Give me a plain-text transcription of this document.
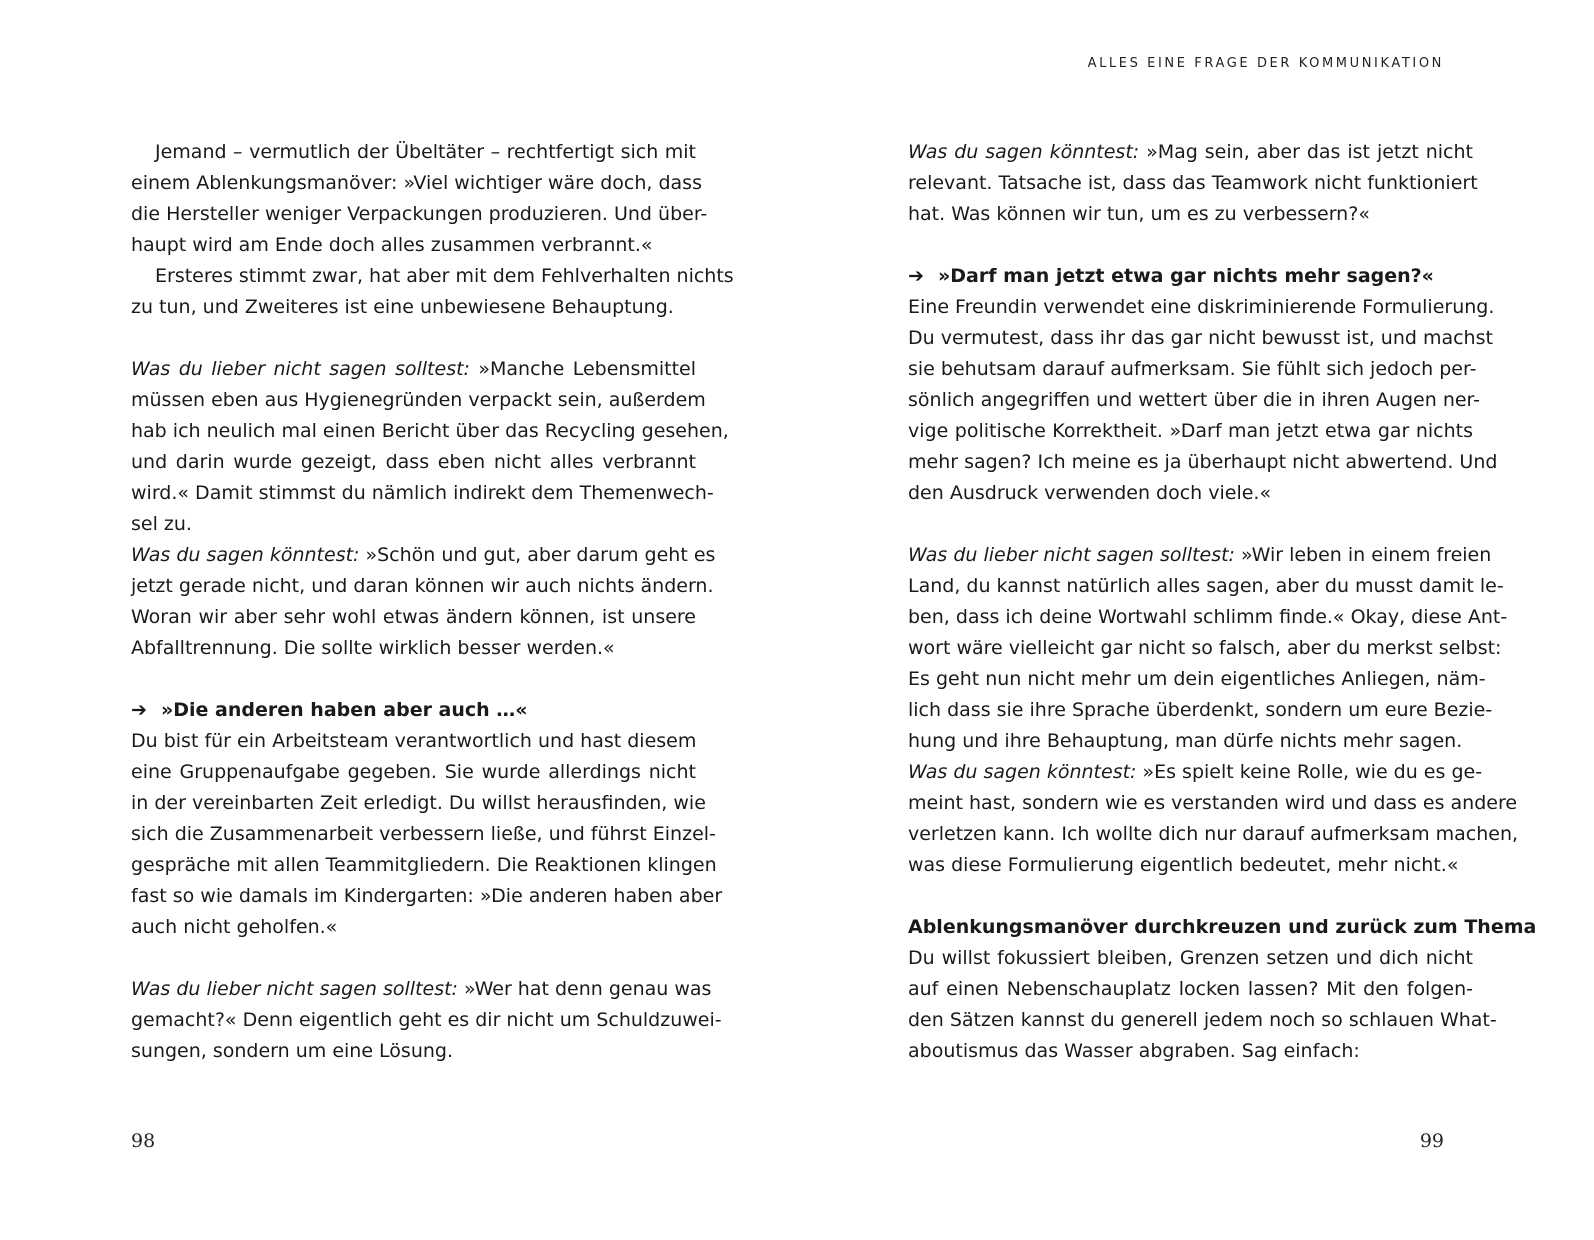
Jemand – vermutlich der Übeltäter – rechtfertigt sich mit
einem Ablenkungsmanöver: »Viel wichtiger wäre doch, dass
die Hersteller weniger Verpackungen produzieren. Und über-
haupt wird am Ende doch alles zusammen verbrannt.«
Ersteres stimmt zwar, hat aber mit dem Fehlverhalten nichts
zu tun, und Zweiteres ist eine unbewiesene Behauptung.
Was du lieber nicht sagen solltest: »Manche Lebensmittel
müssen eben aus Hygienegründen verpackt sein, außerdem
hab ich neulich mal einen Bericht über das Recycling gesehen,
und darin wurde gezeigt, dass eben nicht alles verbrannt
wird.« Damit stimmst du nämlich indirekt dem Themenwech-
sel zu.
Was du sagen könntest: »Schön und gut, aber darum geht es
jetzt gerade nicht, und daran können wir auch nichts ändern.
Woran wir aber sehr wohl etwas ändern können, ist unsere
Abfalltrennung. Die sollte wirklich besser werden.«
➔ »Die anderen haben aber auch …«
Du bist für ein Arbeitsteam verantwortlich und hast diesem
eine Gruppenaufgabe gegeben. Sie wurde allerdings nicht
in der vereinbarten Zeit erledigt. Du willst herausfinden, wie
sich die Zusammenarbeit verbessern ließe, und führst Einzel-
gespräche mit allen Teammitgliedern. Die Reaktionen klingen
fast so wie damals im Kindergarten: »Die anderen haben aber
auch nicht geholfen.«
Was du lieber nicht sagen solltest: »Wer hat denn genau was
gemacht?« Denn eigentlich geht es dir nicht um Schuldzuwei-
sungen, sondern um eine Lösung.
98
ALLES EINE FRAGE DER KOMMUNIKATION
Was du sagen könntest: »Mag sein, aber das ist jetzt nicht
relevant. Tatsache ist, dass das Teamwork nicht funktioniert
hat. Was können wir tun, um es zu verbessern?«
➔ »Darf man jetzt etwa gar nichts mehr sagen?«
Eine Freundin verwendet eine diskriminierende Formulierung.
Du vermutest, dass ihr das gar nicht bewusst ist, und machst
sie behutsam darauf aufmerksam. Sie fühlt sich jedoch per-
sönlich angegriffen und wettert über die in ihren Augen ner-
vige politische Korrektheit. »Darf man jetzt etwa gar nichts
mehr sagen? Ich meine es ja überhaupt nicht abwertend. Und
den Ausdruck verwenden doch viele.«
Was du lieber nicht sagen solltest: »Wir leben in einem freien
Land, du kannst natürlich alles sagen, aber du musst damit le-
ben, dass ich deine Wortwahl schlimm finde.« Okay, diese Ant-
wort wäre vielleicht gar nicht so falsch, aber du merkst selbst:
Es geht nun nicht mehr um dein eigentliches Anliegen, näm-
lich dass sie ihre Sprache überdenkt, sondern um eure Bezie-
hung und ihre Behauptung, man dürfe nichts mehr sagen.
Was du sagen könntest: »Es spielt keine Rolle, wie du es ge-
meint hast, sondern wie es verstanden wird und dass es andere
verletzen kann. Ich wollte dich nur darauf aufmerksam machen,
was diese Formulierung eigentlich bedeutet, mehr nicht.«
Ablenkungsmanöver durchkreuzen und zurück zum Thema
Du willst fokussiert bleiben, Grenzen setzen und dich nicht
auf einen Nebenschauplatz locken lassen? Mit den folgen-
den Sätzen kannst du generell jedem noch so schlauen What-
aboutismus das Wasser abgraben. Sag einfach:
99
